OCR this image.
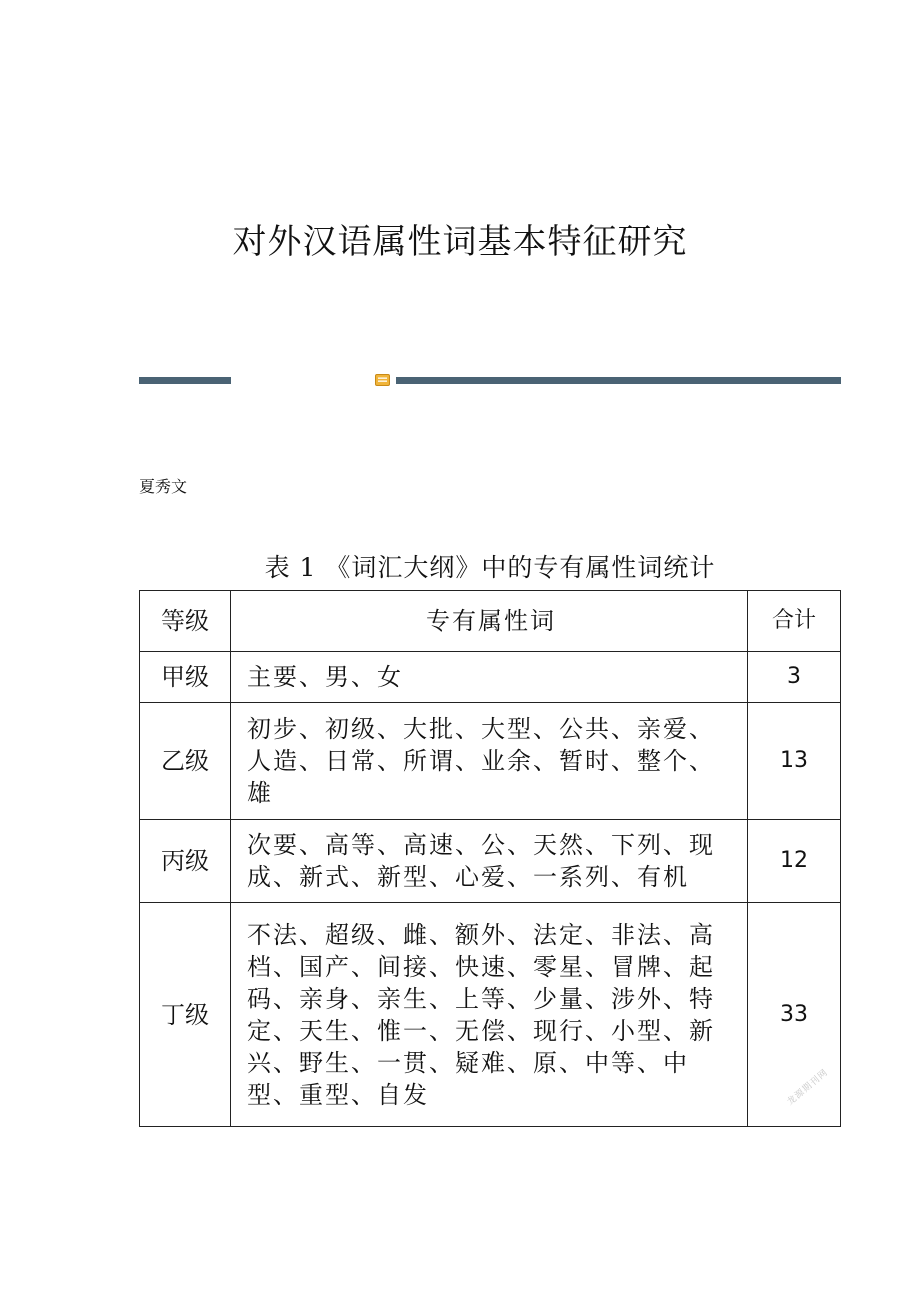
对外汉语属性词基本特征研究
夏秀文
表 1 《词汇大纲》中的专有属性词统计
等级	专有属性词	合计
甲级	主要、男、女	3
乙级	初步、初级、大批、大型、公共、亲爱、人造、日常、所谓、业余、暂时、整个、雄	13
丙级	次要、高等、高速、公、天然、下列、现成、新式、新型、心爱、一系列、有机	12
丁级	不法、超级、雌、额外、法定、非法、高档、国产、间接、快速、零星、冒牌、起码、亲身、亲生、上等、少量、涉外、特定、天生、惟一、无偿、现行、小型、新兴、野生、一贯、疑难、原、中等、中型、重型、自发	33
龙源期刊网
